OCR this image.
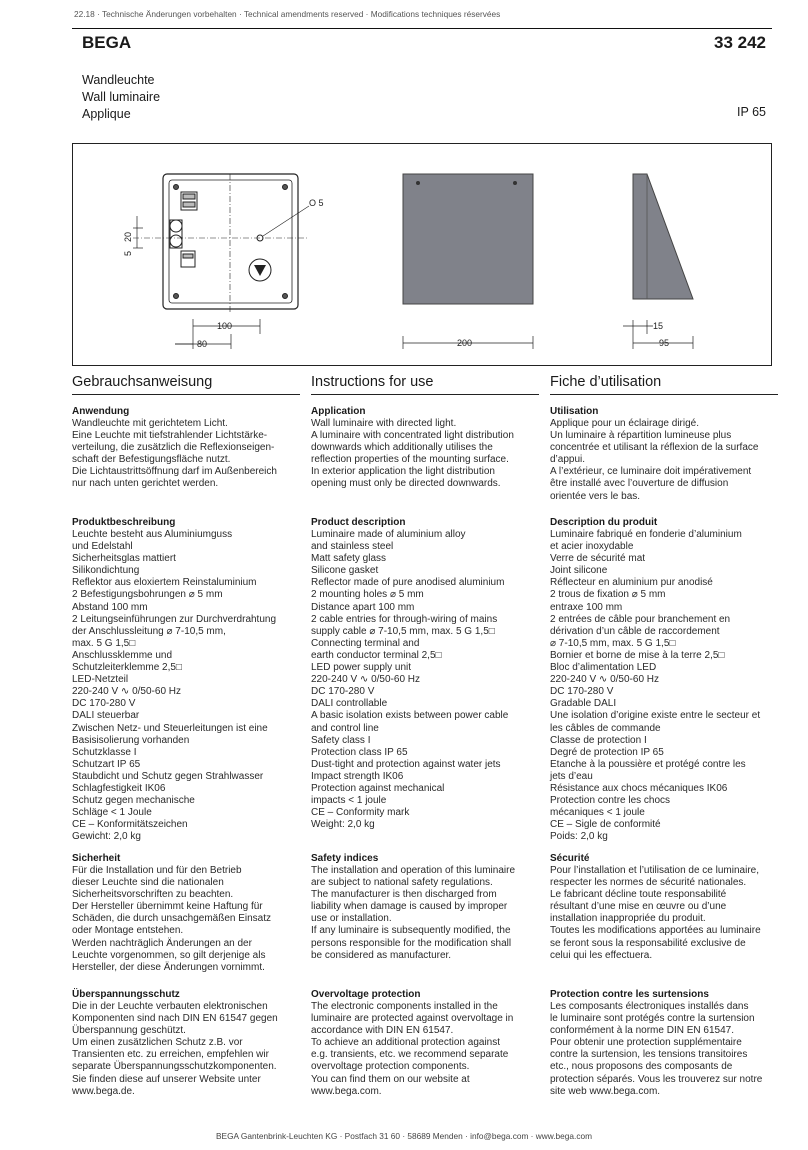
22.18 · Technische Änderungen vorbehalten · Technical amendments reserved · Modifications techniques réservées
BEGA	33 242
Wandleuchte
Wall luminaire
Applique	IP 65
O 5
5
20
100
80	200
15
95
Gebrauchsanweisung
Anwendung

Wandleuchte mit gerichtetem Licht.
Eine Leuchte mit tiefstrahlender Lichtstärke-
verteilung, die zusätzlich die Reflexionseigen-
schaft der Befestigungsfläche nutzt.
Die Lichtaustrittsöffnung darf im Außenbereich
nur nach unten gerichtet werden.

Produktbeschreibung

Leuchte besteht aus Aluminiumguss
und Edelstahl
Sicherheitsglas mattiert
Silikondichtung
Reflektor aus eloxiertem Reinstaluminium
2 Befestigungsbohrungen ⌀ 5 mm
Abstand 100 mm
2 Leitungseinführungen zur Durchverdrahtung
der Anschlussleitung ⌀ 7-10,5 mm,
max. 5 G 1,5□
Anschlussklemme und
Schutzleiterklemme 2,5□
LED-Netzteil
220-240 V ∿ 0/50-60 Hz
DC 170-280 V
DALI steuerbar
Zwischen Netz- und Steuerleitungen ist eine
Basisisolierung vorhanden
Schutzklasse I
Schutzart IP 65
Staubdicht und Schutz gegen Strahlwasser
Schlagfestigkeit IK06
Schutz gegen mechanische
Schläge < 1 Joule
CE – Konformitätszeichen
Gewicht: 2,0 kg

Sicherheit

Für die Installation und für den Betrieb
dieser Leuchte sind die nationalen
Sicherheitsvorschriften zu beachten.
Der Hersteller übernimmt keine Haftung für
Schäden, die durch unsachgemäßen Einsatz
oder Montage entstehen.
Werden nachträglich Änderungen an der
Leuchte vorgenommen, so gilt derjenige als
Hersteller, der diese Änderungen vornimmt.

Überspannungsschutz

Die in der Leuchte verbauten elektronischen
Komponenten sind nach DIN EN 61547 gegen
Überspannung geschützt.
Um einen zusätzlichen Schutz z.B. vor
Transienten etc. zu erreichen, empfehlen wir
separate Überspannungsschutzkomponenten.
Sie finden diese auf unserer Website unter
www.bega.de.

Instructions for use
Application

Wall luminaire with directed light.
A luminaire with concentrated light distribution
downwards which additionally utilises the
reflection properties of the mounting surface.
In exterior application the light distribution
opening must only be directed downwards.

Product description

Luminaire made of aluminium alloy
and stainless steel
Matt safety glass
Silicone gasket
Reflector made of pure anodised aluminium
2 mounting holes ⌀ 5 mm
Distance apart 100 mm
2 cable entries for through-wiring of mains
supply cable ⌀ 7-10,5 mm, max. 5 G 1,5□
Connecting terminal and
earth conductor terminal 2,5□
LED power supply unit
220-240 V ∿ 0/50-60 Hz
DC 170-280 V
DALI controllable
A basic isolation exists between power cable
and control line
Safety class I
Protection class IP 65
Dust-tight and protection against water jets
Impact strength IK06
Protection against mechanical
impacts < 1 joule
CE – Conformity mark
Weight: 2,0 kg

Safety indices

The installation and operation of this luminaire
are subject to national safety regulations.
The manufacturer is then discharged from
liability when damage is caused by improper
use or installation.
If any luminaire is subsequently modified, the
persons responsible for the modification shall
be considered as manufacturer.

Overvoltage protection

The electronic components installed in the
luminaire are protected against overvoltage in
accordance with DIN EN 61547.
To achieve an additional protection against
e.g. transients, etc. we recommend separate
overvoltage protection components.
You can find them on our website at
www.bega.com.

Fiche d’utilisation
Utilisation

Applique pour un éclairage dirigé.
Un luminaire à répartition lumineuse plus
concentrée et utilisant la réflexion de la surface
d’appui.
A l’extérieur, ce luminaire doit impérativement
être installé avec l’ouverture de diffusion
orientée vers le bas.

Description du produit

Luminaire fabriqué en fonderie d’aluminium
et acier inoxydable
Verre de sécurité mat
Joint silicone
Réflecteur en aluminium pur anodisé
2 trous de fixation ⌀ 5 mm
entraxe 100 mm
2 entrées de câble pour branchement en
dérivation d’un câble de raccordement
⌀ 7-10,5 mm, max. 5 G 1,5□
Bornier et borne de mise à la terre 2,5□
Bloc d’alimentation LED
220-240 V ∿ 0/50-60 Hz
DC 170-280 V
Gradable DALI
Une isolation d’origine existe entre le secteur et
les câbles de commande
Classe de protection I
Degré de protection IP 65
Etanche à la poussière et protégé contre les
jets d’eau
Résistance aux chocs mécaniques IK06
Protection contre les chocs
mécaniques < 1 joule
CE – Sigle de conformité
Poids: 2,0 kg

Sécurité

Pour l’installation et l’utilisation de ce luminaire,
respecter les normes de sécurité nationales.
Le fabricant décline toute responsabilité
résultant d’une mise en œuvre ou d’une
installation inappropriée du produit.
Toutes les modifications apportées au luminaire
se feront sous la responsabilité exclusive de
celui qui les effectuera.

Protection contre les surtensions

Les composants électroniques installés dans
le luminaire sont protégés contre la surtension
conformément à la norme DIN EN 61547.
Pour obtenir une protection supplémentaire
contre la surtension, les tensions transitoires
etc., nous proposons des composants de
protection séparés. Vous les trouverez sur notre
site web www.bega.com.

BEGA Gantenbrink-Leuchten KG · Postfach 31 60 · 58689 Menden · info@bega.com · www.bega.com
